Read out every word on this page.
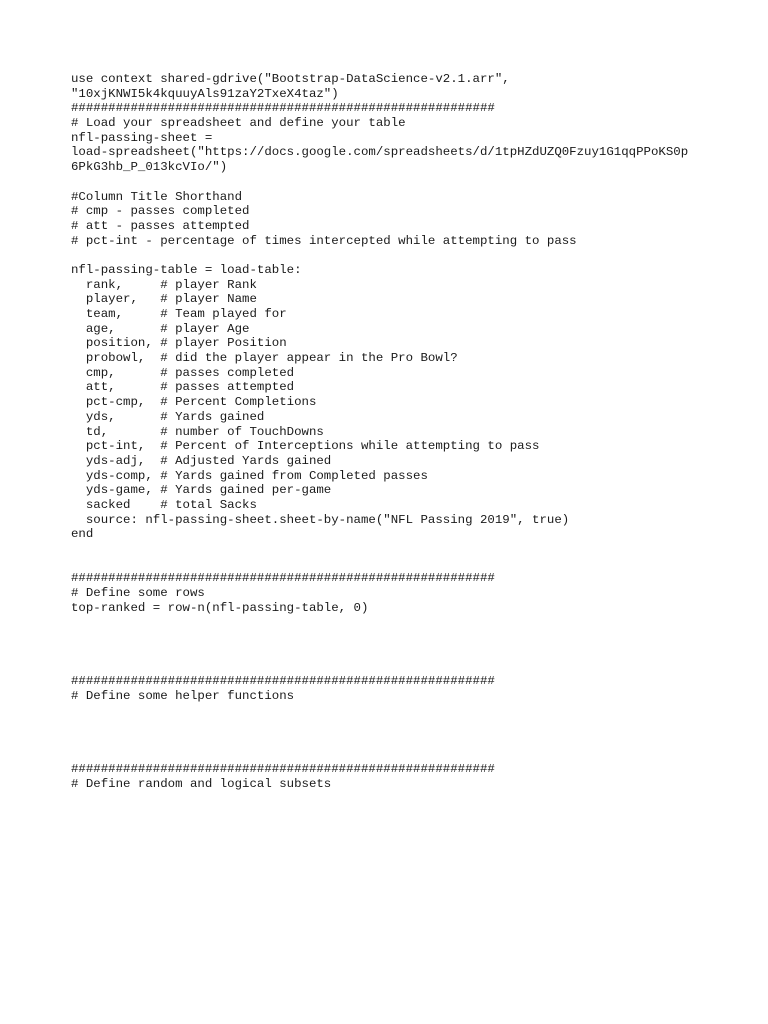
use context shared-gdrive("Bootstrap-DataScience-v2.1.arr",
"10xjKNWI5k4kquuyAls91zaY2TxeX4taz")
#########################################################
# Load your spreadsheet and define your table
nfl-passing-sheet =
load-spreadsheet("https://docs.google.com/spreadsheets/d/1tpHZdUZQ0Fzuy1G1qqPPoKS0p
6PkG3hb_P_013kcVIo/")
#Column Title Shorthand
# cmp - passes completed
# att - passes attempted
# pct-int - percentage of times intercepted while attempting to pass
nfl-passing-table = load-table:
rank,     # player Rank
player,   # player Name
team,     # Team played for
age,      # player Age
position, # player Position
probowl,  # did the player appear in the Pro Bowl?
cmp,      # passes completed
att,      # passes attempted
pct-cmp,  # Percent Completions
yds,      # Yards gained
td,       # number of TouchDowns
pct-int,  # Percent of Interceptions while attempting to pass
yds-adj,  # Adjusted Yards gained
yds-comp, # Yards gained from Completed passes
yds-game, # Yards gained per-game
sacked    # total Sacks
source: nfl-passing-sheet.sheet-by-name("NFL Passing 2019", true)
end
#########################################################
# Define some rows
top-ranked = row-n(nfl-passing-table, 0)
#########################################################
# Define some helper functions
#########################################################
# Define random and logical subsets
